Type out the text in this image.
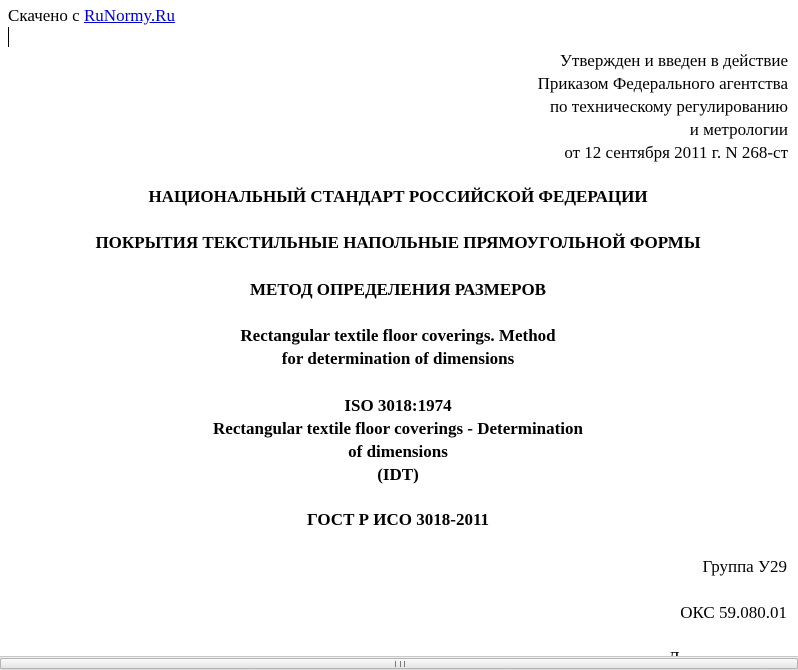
Скачено с RuNormy.Ru
Утвержден и введен в действие
Приказом Федерального агентства
по техническому регулированию
и метрологии
от 12 сентября 2011 г. N 268-ст
НАЦИОНАЛЬНЫЙ СТАНДАРТ РОССИЙСКОЙ ФЕДЕРАЦИИ
ПОКРЫТИЯ ТЕКСТИЛЬНЫЕ НАПОЛЬНЫЕ ПРЯМОУГОЛЬНОЙ ФОРМЫ
МЕТОД ОПРЕДЕЛЕНИЯ РАЗМЕРОВ
Rectangular textile floor coverings. Method
for determination of dimensions
ISO 3018:1974
Rectangular textile floor coverings - Determination
of dimensions
(IDT)
ГОСТ Р ИСО 3018-2011
Группа У29
ОКС 59.080.01
